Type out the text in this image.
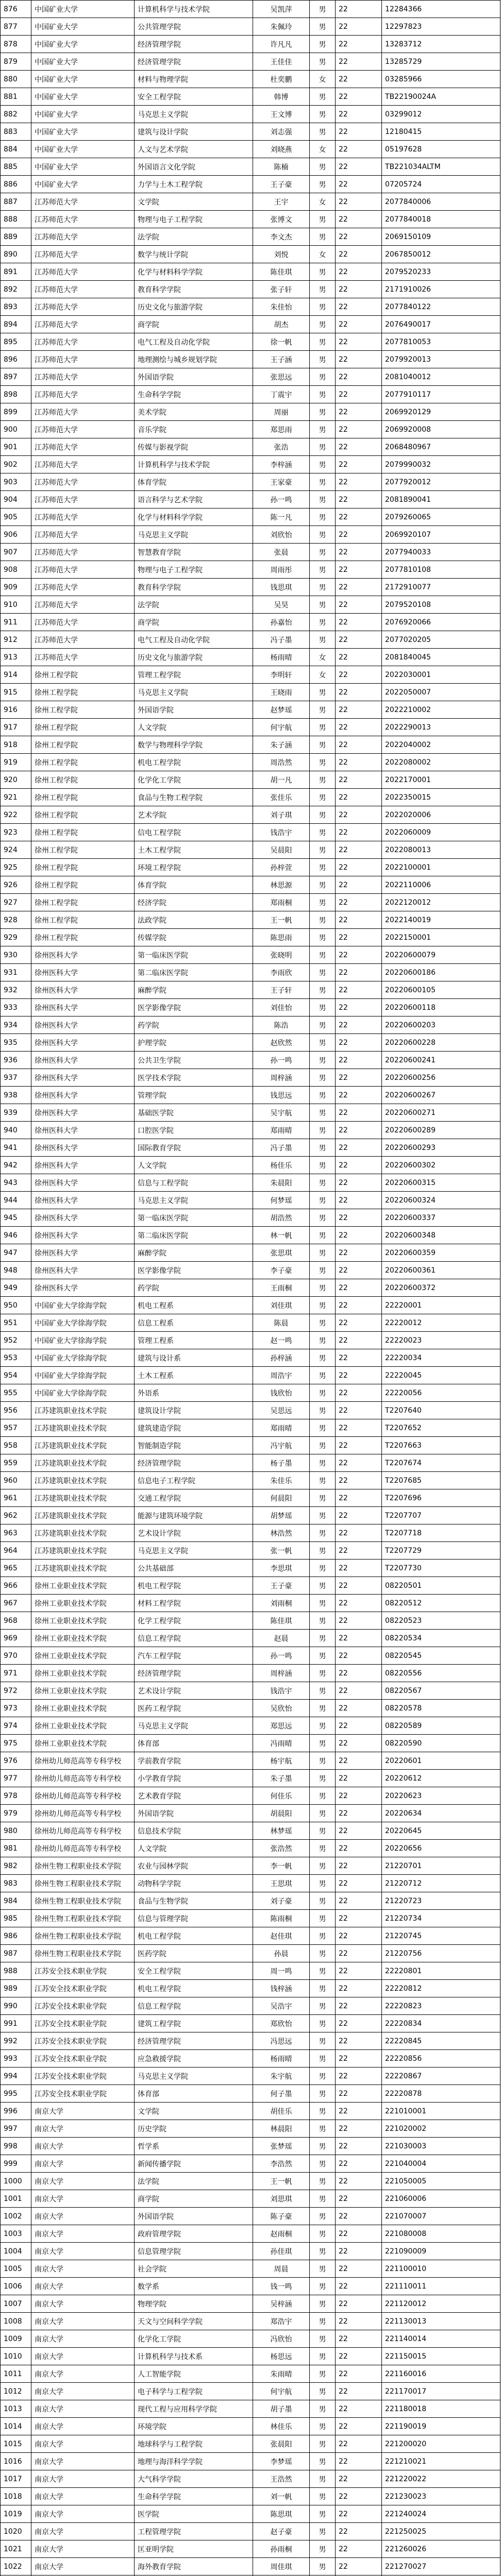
876	中国矿业大学	计算机科学与技术学院	吴凯萍	男	22	12284366
877	中国矿业大学	公共管理学院	朱佩玲	男	22	12297823
878	中国矿业大学	经济管理学院	许凡凡	男	22	13283712
879	中国矿业大学	经济管理学院	王佳佳	男	22	13285729
880	中国矿业大学	材料与物理学院	杜奕鹏	女	22	03285966
881	中国矿业大学	安全工程学院	韩博	男	22	TB22190024A
882	中国矿业大学	马克思主义学院	王文博	男	22	03299012
883	中国矿业大学	建筑与设计学院	刘志强	男	22	12180415
884	中国矿业大学	人文与艺术学院	刘晓燕	女	22	05197628
885	中国矿业大学	外国语言文化学院	陈楠	男	22	TB221034ALTM
886	中国矿业大学	力学与土木工程学院	王子豪	男	22	07205724
887	江苏师范大学	文学院	王宇	女	22	2077840006
888	江苏师范大学	物理与电子工程学院	张博文	男	22	2077840018
889	江苏师范大学	法学院	李文杰	男	22	2069150109
890	江苏师范大学	数学与统计学院	刘悦	女	22	2067850012
891	江苏师范大学	化学与材料科学学院	陈佳琪	男	22	2079520233
892	江苏师范大学	教育科学学院	张子轩	男	22	2171910026
893	江苏师范大学	历史文化与旅游学院	朱佳怡	男	22	2077840122
894	江苏师范大学	商学院	胡杰	男	22	2076490017
895	江苏师范大学	电气工程及自动化学院	徐一帆	男	22	2077810053
896	江苏师范大学	地理测绘与城乡规划学院	王子涵	男	22	2079920013
897	江苏师范大学	外国语学院	张思远	男	22	2081040012
898	江苏师范大学	生命科学学院	丁震宇	男	22	2077910117
899	江苏师范大学	美术学院	周丽	男	22	2069920129
900	江苏师范大学	音乐学院	郑思雨	男	22	2069920008
901	江苏师范大学	传媒与影视学院	张浩	男	22	2068480967
902	江苏师范大学	计算机科学与技术学院	李梓涵	男	22	2079990032
903	江苏师范大学	体育学院	王家豪	男	22	2077920012
904	江苏师范大学	语言科学与艺术学院	孙一鸣	男	22	2081890041
905	江苏师范大学	化学与材料科学学院	陈一凡	男	22	2079260065
906	江苏师范大学	马克思主义学院	刘欣怡	男	22	2069920107
907	江苏师范大学	智慧教育学院	张晨	男	22	2077940033
908	江苏师范大学	物理与电子工程学院	周雨彤	男	22	2077810108
909	江苏师范大学	教育科学学院	钱思琪	男	22	2172910077
910	江苏师范大学	法学院	吴昊	男	22	2079520108
911	江苏师范大学	商学院	孙嘉怡	男	22	2076920066
912	江苏师范大学	电气工程及自动化学院	冯子墨	男	22	2077020205
913	江苏师范大学	历史文化与旅游学院	杨雨晴	女	22	2081840045
914	徐州工程学院	管理工程学院	李明轩	女	22	2022030001
915	徐州工程学院	马克思主义学院	王晓雨	男	22	2022050007
916	徐州工程学院	外国语学院	赵梦瑶	男	22	2022210002
917	徐州工程学院	人文学院	何宇航	男	22	2022290013
918	徐州工程学院	数学与物理科学学院	朱子涵	男	22	2022040002
919	徐州工程学院	机电工程学院	周浩然	男	22	2022080002
920	徐州工程学院	化学化工学院	胡一凡	男	22	2022170001
921	徐州工程学院	食品与生物工程学院	张佳乐	男	22	2022350015
922	徐州工程学院	艺术学院	刘子琪	男	22	2022020006
923	徐州工程学院	信电工程学院	钱浩宇	男	22	2022060009
924	徐州工程学院	土木工程学院	吴晨阳	男	22	2022080013
925	徐州工程学院	环境工程学院	孙梓萱	男	22	2022100001
926	徐州工程学院	体育学院	林思源	男	22	2022110006
927	徐州工程学院	经济学院	郑雨桐	男	22	2022120012
928	徐州工程学院	法政学院	王一帆	男	22	2022140019
929	徐州工程学院	传媒学院	陈思雨	男	22	2022150001
930	徐州医科大学	第一临床医学院	张晓明	男	22	20220600079
931	徐州医科大学	第二临床医学院	李雨欣	男	22	20220600186
932	徐州医科大学	麻醉学院	王子轩	男	22	20220600105
933	徐州医科大学	医学影像学院	刘佳怡	男	22	20220600118
934	徐州医科大学	药学院	陈浩	男	22	20220600203
935	徐州医科大学	护理学院	赵欣然	男	22	20220600228
936	徐州医科大学	公共卫生学院	孙一鸣	男	22	20220600241
937	徐州医科大学	医学技术学院	周梓涵	男	22	20220600256
938	徐州医科大学	管理学院	钱思远	男	22	20220600267
939	徐州医科大学	基础医学院	吴宇航	男	22	20220600271
940	徐州医科大学	口腔医学院	郑雨晴	男	22	20220600289
941	徐州医科大学	国际教育学院	冯子墨	男	22	20220600293
942	徐州医科大学	人文学院	杨佳乐	男	22	20220600302
943	徐州医科大学	信息与工程学院	朱晨阳	男	22	20220600315
944	徐州医科大学	马克思主义学院	何梦瑶	男	22	20220600324
945	徐州医科大学	第一临床医学院	胡浩然	男	22	20220600337
946	徐州医科大学	第二临床医学院	林一帆	男	22	20220600348
947	徐州医科大学	麻醉学院	张思琪	男	22	20220600359
948	徐州医科大学	医学影像学院	李子豪	男	22	20220600361
949	徐州医科大学	药学院	王雨桐	男	22	20220600372
950	中国矿业大学徐海学院	机电工程系	刘佳琪	男	22	22220001
951	中国矿业大学徐海学院	信息工程系	陈晨	男	22	22220012
952	中国矿业大学徐海学院	管理工程系	赵一鸣	男	22	22220023
953	中国矿业大学徐海学院	建筑与设计系	孙梓涵	男	22	22220034
954	中国矿业大学徐海学院	土木工程系	周浩宇	男	22	22220045
955	中国矿业大学徐海学院	外语系	钱欣怡	男	22	22220056
956	江苏建筑职业技术学院	建筑设计学院	吴思远	男	22	T2207640
957	江苏建筑职业技术学院	建筑建造学院	郑雨晴	男	22	T2207652
958	江苏建筑职业技术学院	智能制造学院	冯宇航	男	22	T2207663
959	江苏建筑职业技术学院	经济管理学院	杨子墨	男	22	T2207674
960	江苏建筑职业技术学院	信息电子工程学院	朱佳乐	男	22	T2207685
961	江苏建筑职业技术学院	交通工程学院	何晨阳	男	22	T2207696
962	江苏建筑职业技术学院	能源与建筑环境学院	胡梦瑶	男	22	T2207707
963	江苏建筑职业技术学院	艺术设计学院	林浩然	男	22	T2207718
964	江苏建筑职业技术学院	马克思主义学院	张一帆	男	22	T2207729
965	江苏建筑职业技术学院	公共基础部	李思琪	男	22	T2207730
966	徐州工业职业技术学院	机电工程学院	王子豪	男	22	08220501
967	徐州工业职业技术学院	材料工程学院	刘雨桐	男	22	08220512
968	徐州工业职业技术学院	化学工程学院	陈佳琪	男	22	08220523
969	徐州工业职业技术学院	信息工程学院	赵晨	男	22	08220534
970	徐州工业职业技术学院	汽车工程学院	孙一鸣	男	22	08220545
971	徐州工业职业技术学院	经济管理学院	周梓涵	男	22	08220556
972	徐州工业职业技术学院	艺术设计学院	钱浩宇	男	22	08220567
973	徐州工业职业技术学院	医药工程学院	吴欣怡	男	22	08220578
974	徐州工业职业技术学院	马克思主义学院	郑思远	男	22	08220589
975	徐州工业职业技术学院	体育部	冯雨晴	男	22	08220590
976	徐州幼儿师范高等专科学校	学前教育学院	杨宇航	男	22	20220601
977	徐州幼儿师范高等专科学校	小学教育学院	朱子墨	男	22	20220612
978	徐州幼儿师范高等专科学校	艺术教育学院	何佳乐	男	22	20220623
979	徐州幼儿师范高等专科学校	外国语学院	胡晨阳	男	22	20220634
980	徐州幼儿师范高等专科学校	信息技术学院	林梦瑶	男	22	20220645
981	徐州幼儿师范高等专科学校	人文学院	张浩然	男	22	20220656
982	徐州生物工程职业技术学院	农业与园林学院	李一帆	男	22	21220701
983	徐州生物工程职业技术学院	动物科学学院	王思琪	男	22	21220712
984	徐州生物工程职业技术学院	食品与生物学院	刘子豪	男	22	21220723
985	徐州生物工程职业技术学院	信息与管理学院	陈雨桐	男	22	21220734
986	徐州生物工程职业技术学院	机电工程学院	赵佳琪	男	22	21220745
987	徐州生物工程职业技术学院	医药学院	孙晨	男	22	21220756
988	江苏安全技术职业学院	安全工程学院	周一鸣	男	22	22220801
989	江苏安全技术职业学院	机电工程学院	钱梓涵	男	22	22220812
990	江苏安全技术职业学院	信息工程学院	吴浩宇	男	22	22220823
991	江苏安全技术职业学院	建筑工程学院	郑欣怡	男	22	22220834
992	江苏安全技术职业学院	经济管理学院	冯思远	男	22	22220845
993	江苏安全技术职业学院	应急救援学院	杨雨晴	男	22	22220856
994	江苏安全技术职业学院	马克思主义学院	朱宇航	男	22	22220867
995	江苏安全技术职业学院	体育部	何子墨	男	22	22220878
996	南京大学	文学院	胡佳乐	男	22	221010001
997	南京大学	历史学院	林晨阳	男	22	221020002
998	南京大学	哲学系	张梦瑶	男	22	221030003
999	南京大学	新闻传播学院	李浩然	男	22	221040004
1000	南京大学	法学院	王一帆	男	22	221050005
1001	南京大学	商学院	刘思琪	男	22	221060006
1002	南京大学	外国语学院	陈子豪	男	22	221070007
1003	南京大学	政府管理学院	赵雨桐	男	22	221080008
1004	南京大学	信息管理学院	孙佳琪	男	22	221090009
1005	南京大学	社会学院	周晨	男	22	221100010
1006	南京大学	数学系	钱一鸣	男	22	221110011
1007	南京大学	物理学院	吴梓涵	男	22	221120012
1008	南京大学	天文与空间科学学院	郑浩宇	男	22	221130013
1009	南京大学	化学化工学院	冯欣怡	男	22	221140014
1010	南京大学	计算机科学与技术系	杨思远	男	22	221150015
1011	南京大学	人工智能学院	朱雨晴	男	22	221160016
1012	南京大学	电子科学与工程学院	何宇航	男	22	221170017
1013	南京大学	现代工程与应用科学学院	胡子墨	男	22	221180018
1014	南京大学	环境学院	林佳乐	男	22	221190019
1015	南京大学	地球科学与工程学院	张晨阳	男	22	221200020
1016	南京大学	地理与海洋科学学院	李梦瑶	男	22	221210021
1017	南京大学	大气科学学院	王浩然	男	22	221220022
1018	南京大学	生命科学学院	刘一帆	男	22	221230023
1019	南京大学	医学院	陈思琪	男	22	221240024
1020	南京大学	工程管理学院	赵子豪	男	22	221250025
1021	南京大学	匡亚明学院	孙雨桐	男	22	221260026
1022	南京大学	海外教育学院	周佳琪	男	22	221270027
